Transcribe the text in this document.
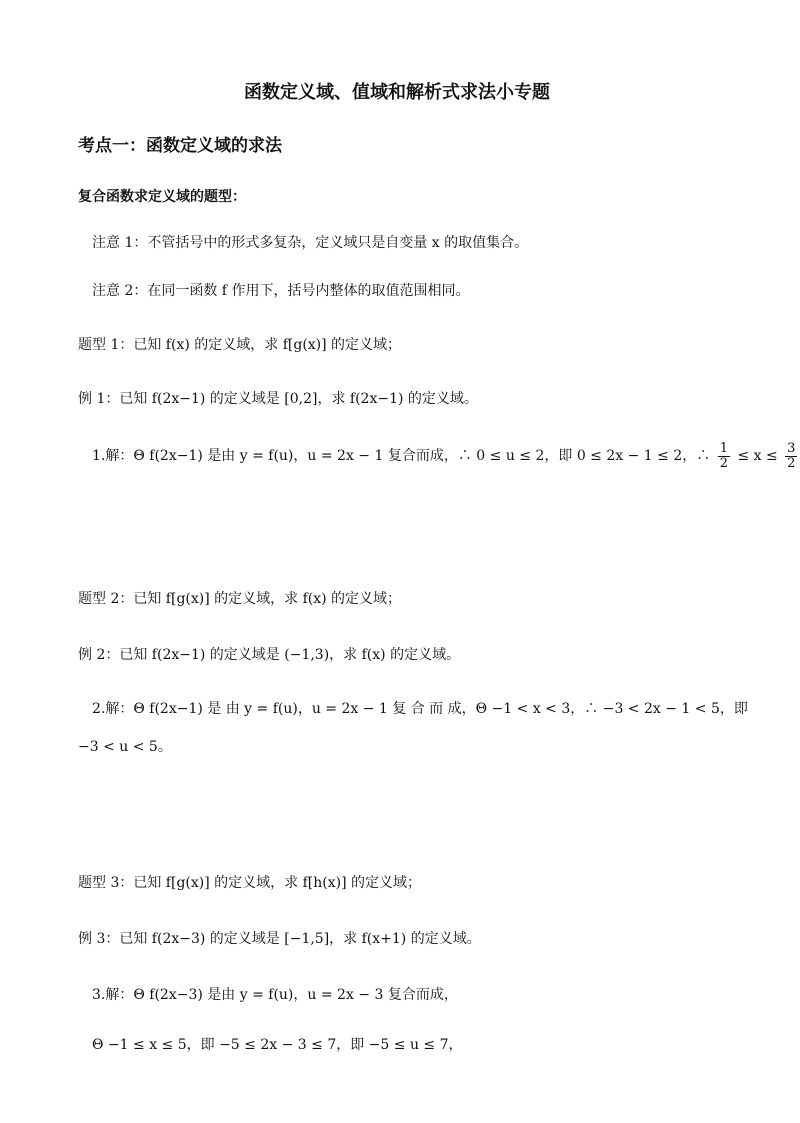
函数定义域、值域和解析式求法小专题
考点一：函数定义域的求法
复合函数求定义域的题型：
注意 1：不管括号中的形式多复杂，定义域只是自变量 x 的取值集合。
注意 2：在同一函数 f 作用下，括号内整体的取值范围相同。
题型 1：已知 f(x) 的定义域，求 f[g(x)] 的定义域；
例 1：已知 f(2x−1) 的定义域是 [0,2]，求 f(2x−1) 的定义域。
1.解：Θ f(2x−1) 是由 y = f(u)，u = 2x − 1 复合而成，∴ 0 ≤ u ≤ 2，即 0 ≤ 2x − 1 ≤ 2，∴ $\frac{1}{2} \le x \le \frac{3}{2}$
题型 2：已知 f[g(x)] 的定义域，求 f(x) 的定义域；
例 2：已知 f(2x−1) 的定义域是 (−1,3)，求 f(x) 的定义域。
2.解：Θ f(2x−1) 是 由 y = f(u)，u = 2x − 1 复 合 而 成，Θ −1 < x < 3，∴ −3 < 2x − 1 < 5，即
−3 < u < 5。
题型 3：已知 f[g(x)] 的定义域，求 f[h(x)] 的定义域；
例 3：已知 f(2x−3) 的定义域是 [−1,5]，求 f(x+1) 的定义域。
3.解：Θ f(2x−3) 是由 y = f(u)，u = 2x − 3 复合而成，
Θ −1 ≤ x ≤ 5，即 −5 ≤ 2x − 3 ≤ 7，即 −5 ≤ u ≤ 7，
